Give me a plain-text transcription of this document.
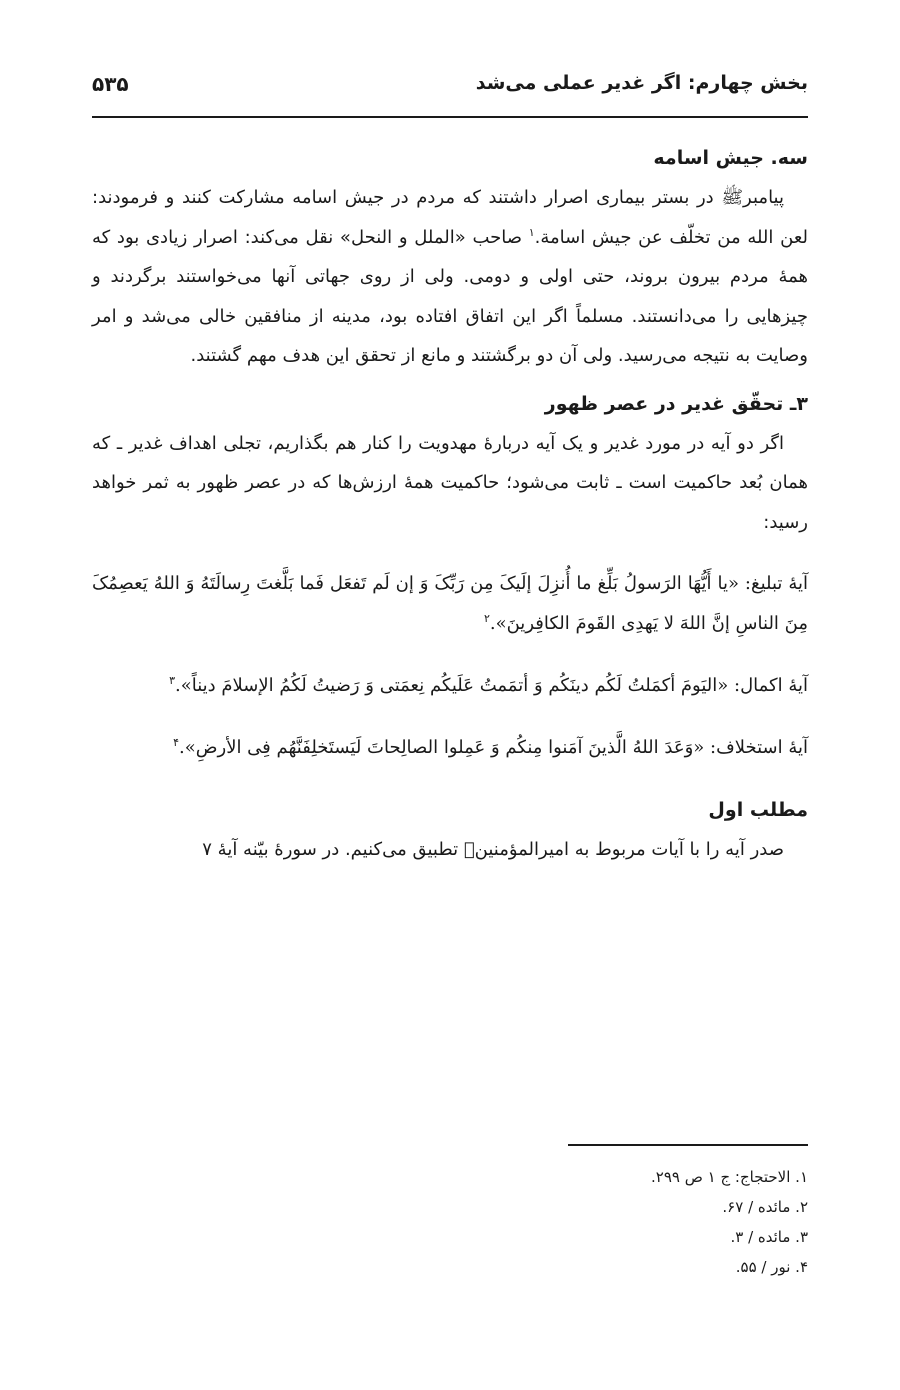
بخش چهارم: اگر غدیر عملی می‌شد
۵۳۵

سه. جیش اسامه

پیامبرﷺ در بستر بیماری اصرار داشتند که مردم در جیش اسامه مشارکت کنند و فرمودند: لعن الله من تخلّف عن جیش اسامة.$^۱$ صاحب «الملل و النحل» نقل می‌کند: اصرار زیادی بود که همهٔ مردم بیرون بروند، حتی اولی و دومی. ولی از روی جهاتی آنها می‌خواستند برگردند و چیزهایی را می‌دانستند. مسلماً اگر این اتفاق افتاده بود، مدینه از منافقین خالی می‌شد و امر وصایت به نتیجه می‌رسید. ولی آن دو برگشتند و مانع از تحقق این هدف مهم گشتند.

۳ـ تحقّق غدیر در عصر ظهور

اگر دو آیه در مورد غدیر و یک آیه دربارهٔ مهدویت را کنار هم بگذاریم، تجلی اهداف غدیر ـ که همان بُعد حاکمیت است ـ ثابت می‌شود؛ حاکمیت همهٔ ارزش‌ها که در عصر ظهور به ثمر خواهد رسید:

آیهٔ تبلیغ: «یا أَیُّهَا الرَسولُ بَلِّغ ما أُنزِلَ إلَیکَ مِن رَبِّکَ وَ إن لَم تَفعَل فَما بَلَّغتَ رِسالَتَهُ وَ اللهُ یَعصِمُکَ مِنَ الناسِ إنَّ اللهَ لا یَهدِی القَومَ الکافِرینَ».$^۲$

آیهٔ اکمال: «الیَومَ أکمَلتُ لَکُم دینَکُم وَ أتمَمتُ عَلَیکُم نِعمَتی وَ رَضیتُ لَکُمُ الإسلامَ دیناً».$^۳$

آیهٔ استخلاف: «وَعَدَ اللهُ الَّذینَ آمَنوا مِنکُم وَ عَمِلوا الصالِحاتَ لَیَستَخلِفَنَّهُم فِی الأرضِ».$^۴$

مطلب اول

صدر آیه را با آیات مربوط به امیرالمؤمنینؑ تطبیق می‌کنیم. در سورهٔ بیّنه آیهٔ ۷

۱. الاحتجاج: ج ۱ ص ۲۹۹.

۲. مائده / ۶۷.

۳. مائده / ۳.

۴. نور / ۵۵.
